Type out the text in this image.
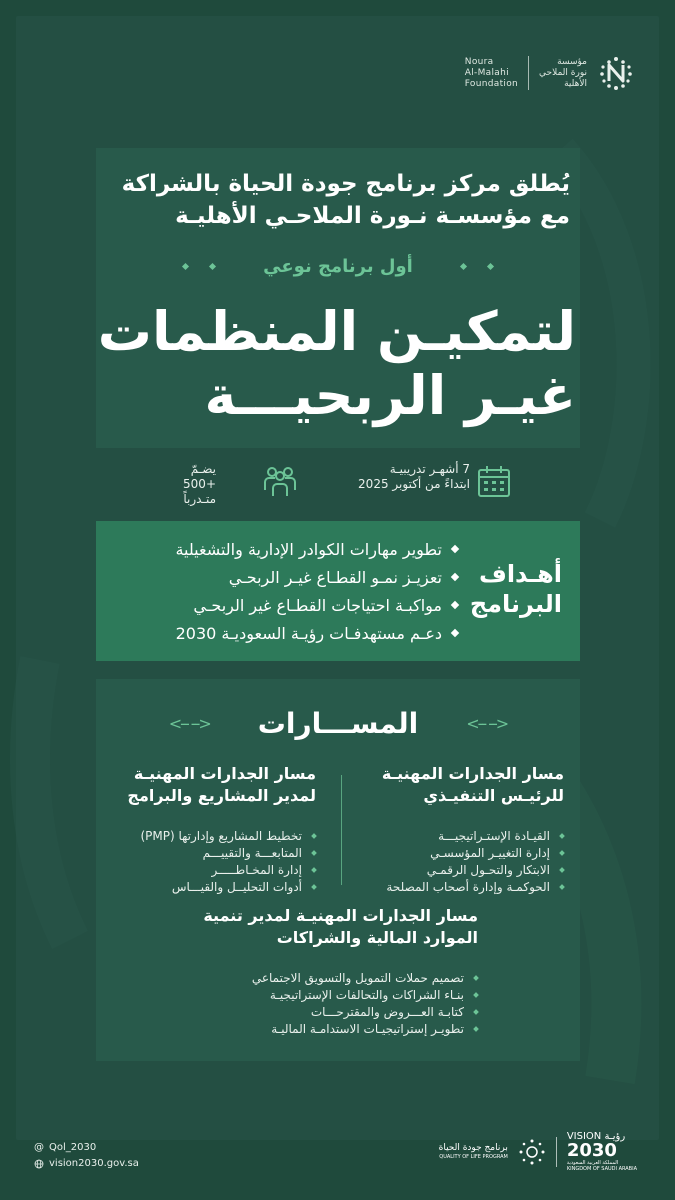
Noura
Al-Malahi
Foundation
مؤسسة
نورة الملاحي
الأهلية
يُطلق مركز برنامج جودة الحياة بالشراكة مع مؤسسـة نـورة الملاحـي الأهليـة
أول برنامج نوعي
لتمكيـن المنظمات غيـر الربحيـــة
يضـمّ
+500 متـدرباً
7 أشهـر تدريبيـة
ابتداءً من أكتوبر 2025
أهـداف البرنامج
تطوير مهارات الكوادر الإدارية والتشغيلية
تعزيـز نمـو القطـاع غيـر الربحـي
مواكبـة احتياجات القطـاع غير الربحـي
دعـم مستهدفـات رؤيـة السعوديـة 2030
<-- --> المســـارات	<-- -->
مسار الجدارات المهنيـة للرئيـس التنفيـذي
القيـادة الإستـراتيجيـــة
إدارة التغييـر المؤسسـي
الابتكار والتحـول الرقمـي
الحوكمـة وإدارة أصحاب المصلحة
مسار الجدارات المهنيـة لمدير المشاريع والبرامج
تخطيط المشاريع وإدارتها (PMP)
المتابعـــة والتقييـــم
إدارة المخـاطـــــر
أدوات التحليــل والقيـــاس
مسار الجدارات المهنيـة لمدير تنمية الموارد المالية والشراكات
تصميم حملات التمويل والتسويق الاجتماعي
بنـاء الشراكات والتحالفات الإستراتيجيـة
كتابـة العـــروض والمقترحـــات
تطويـر إستراتيجيـات الاستدامـة الماليـة
@ Qol_2030
vision2030.gov.sa
برنامج جودة الحياة
QUALITY OF LIFE PROGRAM
VISION رؤيـة
2030
المملكة العربية السعودية
KINGDOM OF SAUDI ARABIA
